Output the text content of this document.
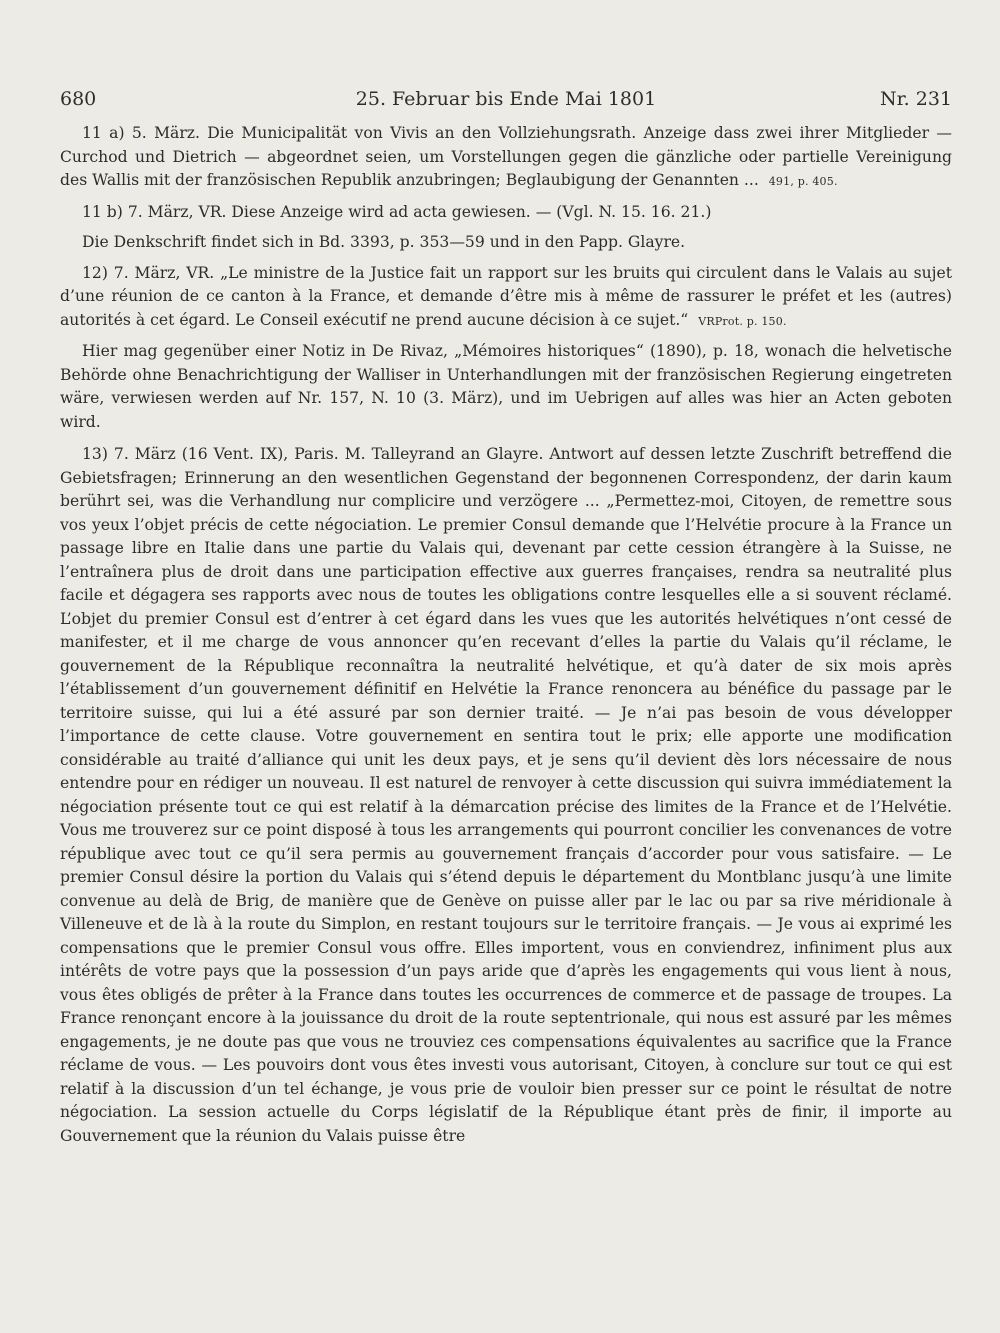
680	25. Februar bis Ende Mai 1801	Nr. 231

11 a) 5. März. Die Municipalität von Vivis an den Vollziehungsrath. Anzeige dass zwei ihrer Mitglieder — Curchod und Dietrich — abgeordnet seien, um Vorstellungen gegen die gänzliche oder partielle Vereinigung des Wallis mit der französischen Republik anzubringen; Beglaubigung der Genannten ... 491, p. 405.

11 b) 7. März, VR. Diese Anzeige wird ad acta gewiesen. — (Vgl. N. 15. 16. 21.)

Die Denkschrift findet sich in Bd. 3393, p. 353—59 und in den Papp. Glayre.

12) 7. März, VR. „Le ministre de la Justice fait un rapport sur les bruits qui circulent dans le Valais au sujet d’une réunion de ce canton à la France, et demande d’être mis à même de rassurer le préfet et les (autres) autorités à cet égard. Le Conseil exécutif ne prend aucune décision à ce sujet.“ VRProt. p. 150.

Hier mag gegenüber einer Notiz in De Rivaz, „Mémoires historiques“ (1890), p. 18, wonach die helvetische Behörde ohne Benachrichtigung der Walliser in Unterhandlungen mit der französischen Regierung eingetreten wäre, verwiesen werden auf Nr. 157, N. 10 (3. März), und im Uebrigen auf alles was hier an Acten geboten wird.

13) 7. März (16 Vent. IX), Paris. M. Talleyrand an Glayre. Antwort auf dessen letzte Zuschrift betreffend die Gebietsfragen; Erinnerung an den wesentlichen Gegenstand der begonnenen Correspondenz, der darin kaum berührt sei, was die Verhandlung nur complicire und verzögere ... „Permettez-moi, Citoyen, de remettre sous vos yeux l’objet précis de cette négociation. Le premier Consul demande que l’Helvétie procure à la France un passage libre en Italie dans une partie du Valais qui, devenant par cette cession étrangère à la Suisse, ne l’entraînera plus de droit dans une participation effective aux guerres françaises, rendra sa neutralité plus facile et dégagera ses rapports avec nous de toutes les obligations contre lesquelles elle a si souvent réclamé. L’objet du premier Consul est d’entrer à cet égard dans les vues que les autorités helvétiques n’ont cessé de manifester, et il me charge de vous annoncer qu’en recevant d’elles la partie du Valais qu’il réclame, le gouvernement de la République reconnaîtra la neutralité helvétique, et qu’à dater de six mois après l’établissement d’un gouvernement définitif en Helvétie la France renoncera au bénéfice du passage par le territoire suisse, qui lui a été assuré par son dernier traité. — Je n’ai pas besoin de vous développer l’importance de cette clause. Votre gouvernement en sentira tout le prix; elle apporte une modification considérable au traité d’alliance qui unit les deux pays, et je sens qu’il devient dès lors nécessaire de nous entendre pour en rédiger un nouveau. Il est naturel de renvoyer à cette discussion qui suivra immédiatement la négociation présente tout ce qui est relatif à la démarcation précise des limites de la France et de l’Helvétie. Vous me trouverez sur ce point disposé à tous les arrangements qui pourront concilier les convenances de votre république avec tout ce qu’il sera permis au gouvernement français d’accorder pour vous satisfaire. — Le premier Consul désire la portion du Valais qui s’étend depuis le département du Montblanc jusqu’à une limite convenue au delà de Brig, de manière que de Genève on puisse aller par le lac ou par sa rive méridionale à Villeneuve et de là à la route du Simplon, en restant toujours sur le territoire français. — Je vous ai exprimé les compensations que le premier Consul vous offre. Elles importent, vous en conviendrez, infiniment plus aux intérêts de votre pays que la possession d’un pays aride que d’après les engagements qui vous lient à nous, vous êtes obligés de prêter à la France dans toutes les occurrences de commerce et de passage de troupes. La France renonçant encore à la jouissance du droit de la route septentrionale, qui nous est assuré par les mêmes engagements, je ne doute pas que vous ne trouviez ces compensations équivalentes au sacrifice que la France réclame de vous. — Les pouvoirs dont vous êtes investi vous autorisant, Citoyen, à conclure sur tout ce qui est relatif à la discussion d’un tel échange, je vous prie de vouloir bien presser sur ce point le résultat de notre négociation. La session actuelle du Corps législatif de la République étant près de finir, il importe au Gouvernement que la réunion du Valais puisse être
